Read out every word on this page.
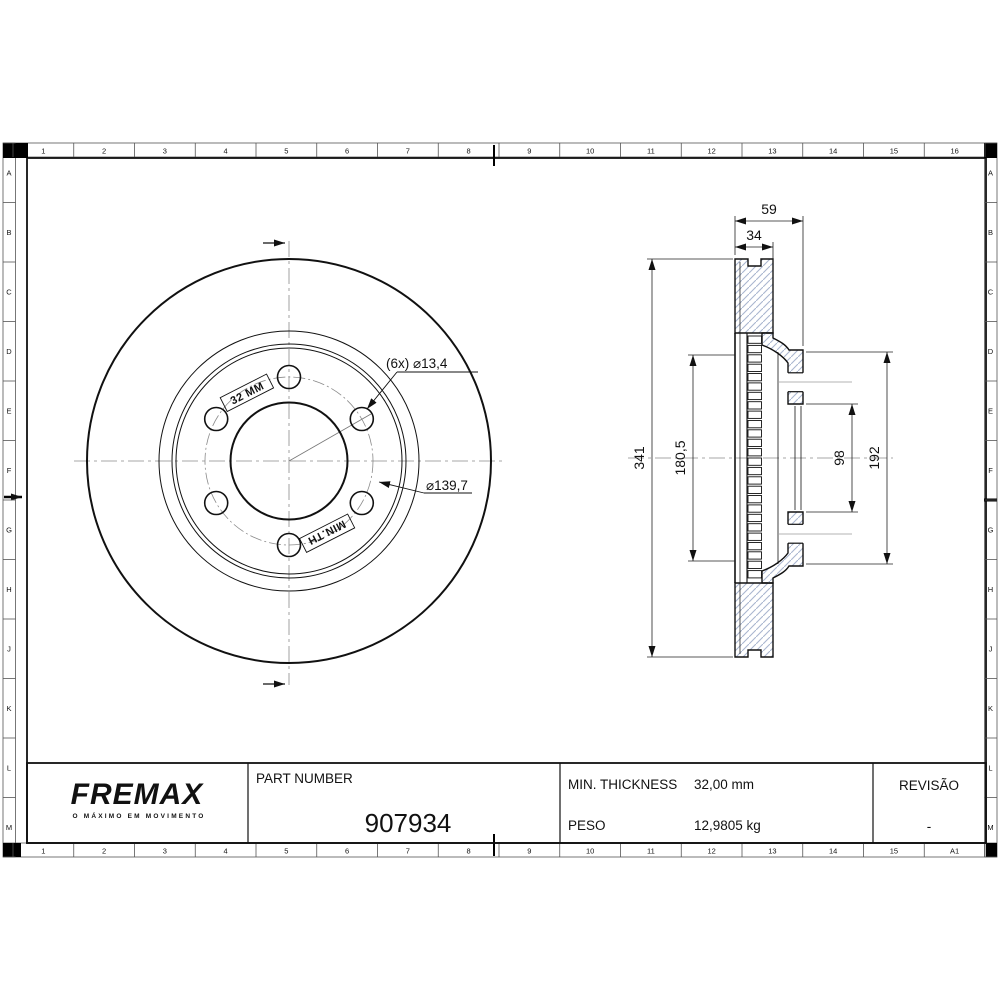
1	2	3	4	5	6	7	8	9	10	11	12	13	14	15	16
1	2	3	4	5	6	7	8	9	10	11	12	13	14	15	A1
A
B
C
D
E
F
G
H
J
K
L
M
A
B
C
D
E
F
G
H
J
K
L
M
32 MM
MIN.TH
(6x) ⌀13,4
⌀139,7
59
34
341 180,5	98 192
FREMAX
O MÁXIMO EM MOVIMENTO
PART NUMBER
907934
MIN. THICKNESS 32,00 mm
PESO	12,9805 kg
REVISÃO
-
